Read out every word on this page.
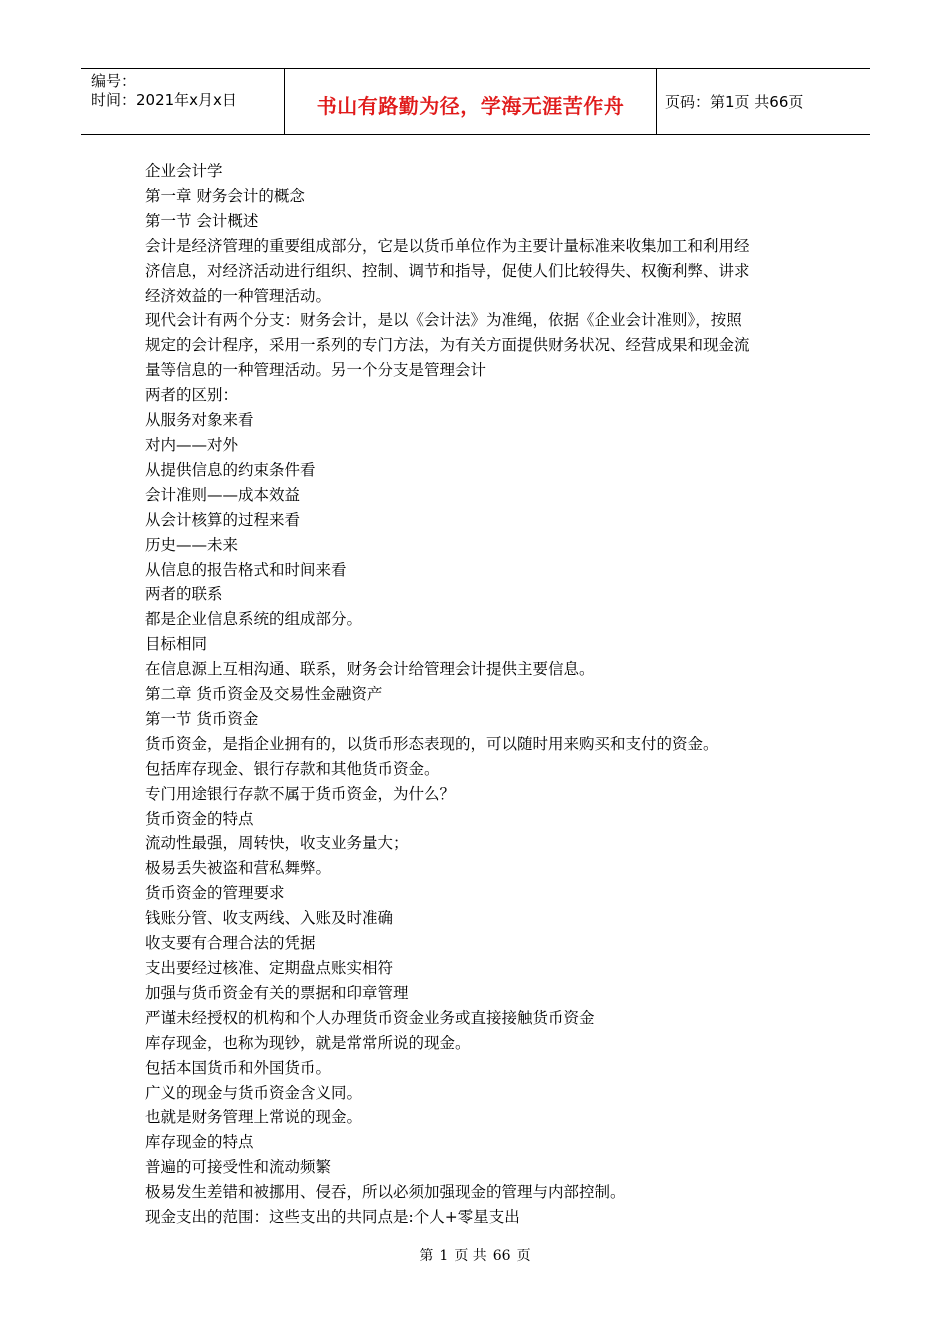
编号：
时间：2021年x月x日	书山有路勤为径，学海无涯苦作舟	页码：第1页 共66页

企业会计学

第一章 财务会计的概念

第一节 会计概述

会计是经济管理的重要组成部分，它是以货币单位作为主要计量标准来收集加工和利用经

济信息，对经济活动进行组织、控制、调节和指导，促使人们比较得失、权衡利弊、讲求

经济效益的一种管理活动。

现代会计有两个分支：财务会计，是以《会计法》为准绳，依据《企业会计准则》，按照

规定的会计程序，采用一系列的专门方法，为有关方面提供财务状况、经营成果和现金流

量等信息的一种管理活动。另一个分支是管理会计

两者的区别：

从服务对象来看

对内——对外

从提供信息的约束条件看

会计准则——成本效益

从会计核算的过程来看

历史——未来

从信息的报告格式和时间来看

两者的联系

都是企业信息系统的组成部分。

目标相同

在信息源上互相沟通、联系，财务会计给管理会计提供主要信息。

第二章 货币资金及交易性金融资产

第一节 货币资金

货币资金，是指企业拥有的，以货币形态表现的，可以随时用来购买和支付的资金。

包括库存现金、银行存款和其他货币资金。

专门用途银行存款不属于货币资金，为什么？

货币资金的特点

流动性最强，周转快，收支业务量大；

极易丢失被盗和营私舞弊。

货币资金的管理要求

钱账分管、收支两线、入账及时准确

收支要有合理合法的凭据

支出要经过核准、定期盘点账实相符

加强与货币资金有关的票据和印章管理

严谨未经授权的机构和个人办理货币资金业务或直接接触货币资金

库存现金，也称为现钞，就是常常所说的现金。

包括本国货币和外国货币。

广义的现金与货币资金含义同。

也就是财务管理上常说的现金。

库存现金的特点

普遍的可接受性和流动频繁

极易发生差错和被挪用、侵吞，所以必须加强现金的管理与内部控制。

现金支出的范围：这些支出的共同点是:个人+零星支出

第 1 页 共 66 页
